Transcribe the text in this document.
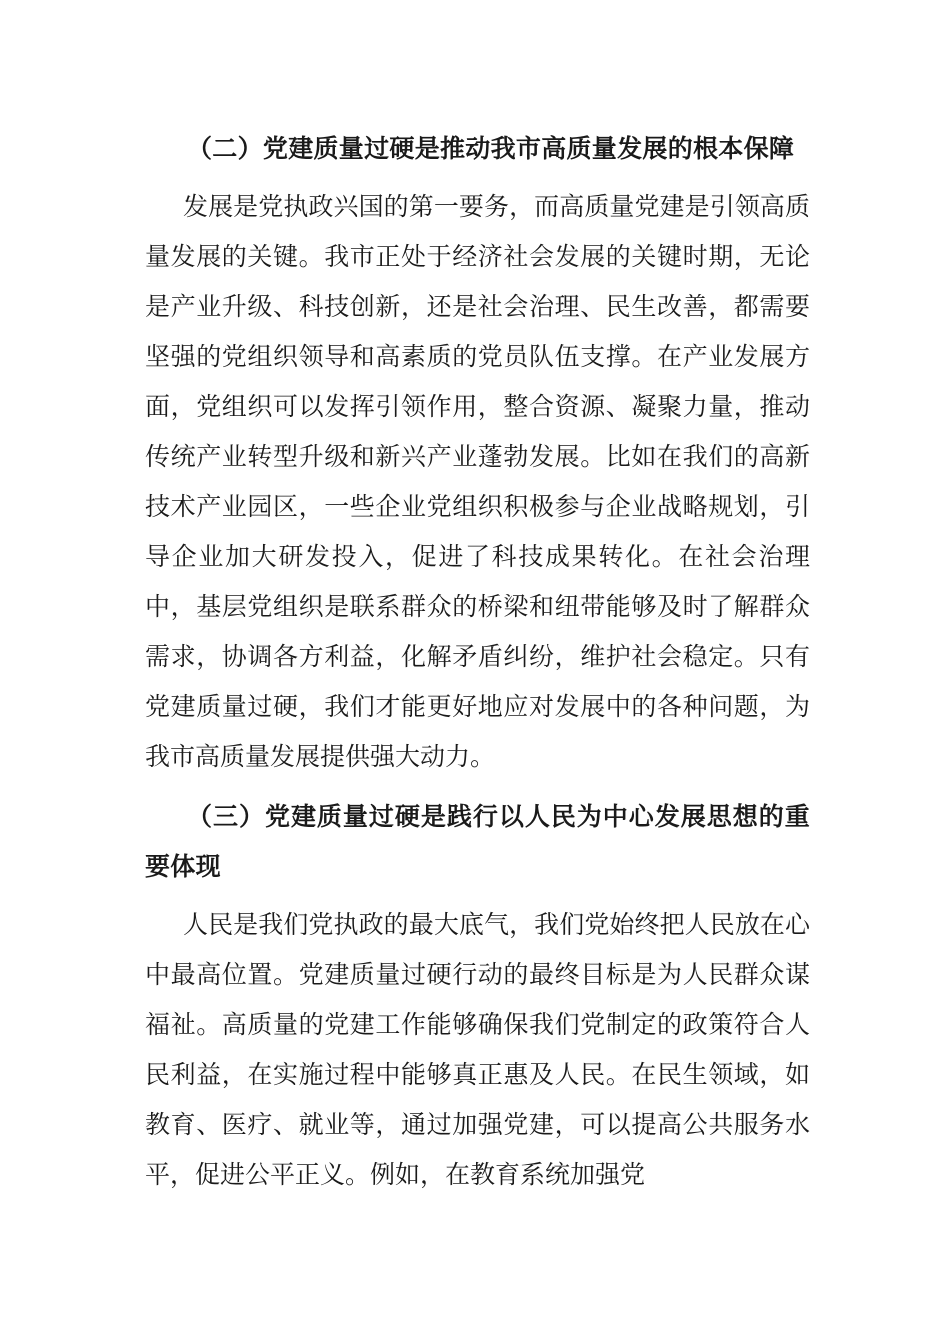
（二）党建质量过硬是推动我市高质量发展的根本保障

发展是党执政兴国的第一要务，而高质量党建是引领高质量发展的关键。我市正处于经济社会发展的关键时期，无论是产业升级、科技创新，还是社会治理、民生改善，都需要坚强的党组织领导和高素质的党员队伍支撑。在产业发展方面，党组织可以发挥引领作用，整合资源、凝聚力量，推动传统产业转型升级和新兴产业蓬勃发展。比如在我们的高新技术产业园区，一些企业党组织积极参与企业战略规划，引导企业加大研发投入，促进了科技成果转化。在社会治理中，基层党组织是联系群众的桥梁和纽带能够及时了解群众需求，协调各方利益，化解矛盾纠纷，维护社会稳定。只有党建质量过硬，我们才能更好地应对发展中的各种问题，为我市高质量发展提供强大动力。

（三）党建质量过硬是践行以人民为中心发展思想的重要体现

人民是我们党执政的最大底气，我们党始终把人民放在心中最高位置。党建质量过硬行动的最终目标是为人民群众谋福祉。高质量的党建工作能够确保我们党制定的政策符合人民利益，在实施过程中能够真正惠及人民。在民生领域，如教育、医疗、就业等，通过加强党建，可以提高公共服务水平，促进公平正义。例如，在教育系统加强党
